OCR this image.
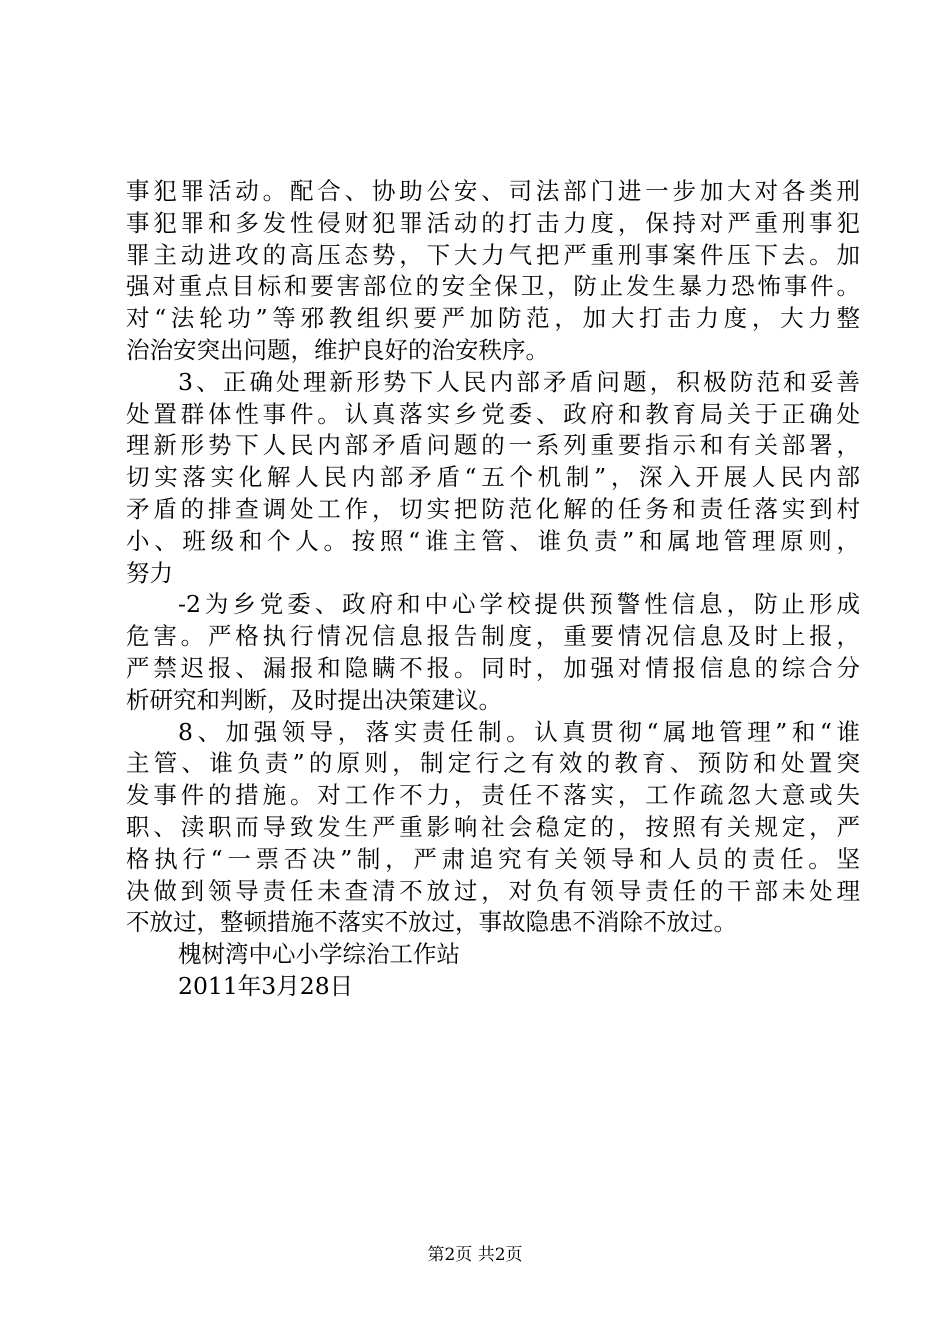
事犯罪活动。配合、协助公安、司法部门进一步加大对各类刑
事犯罪和多发性侵财犯罪活动的打击力度，保持对严重刑事犯
罪主动进攻的高压态势，下大力气把严重刑事案件压下去。加
强对重点目标和要害部位的安全保卫，防止发生暴力恐怖事件。
对“法轮功”等邪教组织要严加防范，加大打击力度，大力整
治治安突出问题，维护良好的治安秩序。
3、正确处理新形势下人民内部矛盾问题，积极防范和妥善
处置群体性事件。认真落实乡党委、政府和教育局关于正确处
理新形势下人民内部矛盾问题的一系列重要指示和有关部署，
切实落实化解人民内部矛盾“五个机制”，深入开展人民内部
矛盾的排查调处工作，切实把防范化解的任务和责任落实到村
小、班级和个人。按照“谁主管、谁负责”和属地管理原则，
努力
-2为乡党委、政府和中心学校提供预警性信息，防止形成
危害。严格执行情况信息报告制度，重要情况信息及时上报，
严禁迟报、漏报和隐瞒不报。同时，加强对情报信息的综合分
析研究和判断，及时提出决策建议。
8、加强领导，落实责任制。认真贯彻“属地管理”和“谁
主管、谁负责”的原则，制定行之有效的教育、预防和处置突
发事件的措施。对工作不力，责任不落实，工作疏忽大意或失
职、渎职而导致发生严重影响社会稳定的，按照有关规定，严
格执行“一票否决”制，严肃追究有关领导和人员的责任。坚
决做到领导责任未查清不放过，对负有领导责任的干部未处理
不放过，整顿措施不落实不放过，事故隐患不消除不放过。
槐树湾中心小学综治工作站
2011年3月28日
第2页 共2页
